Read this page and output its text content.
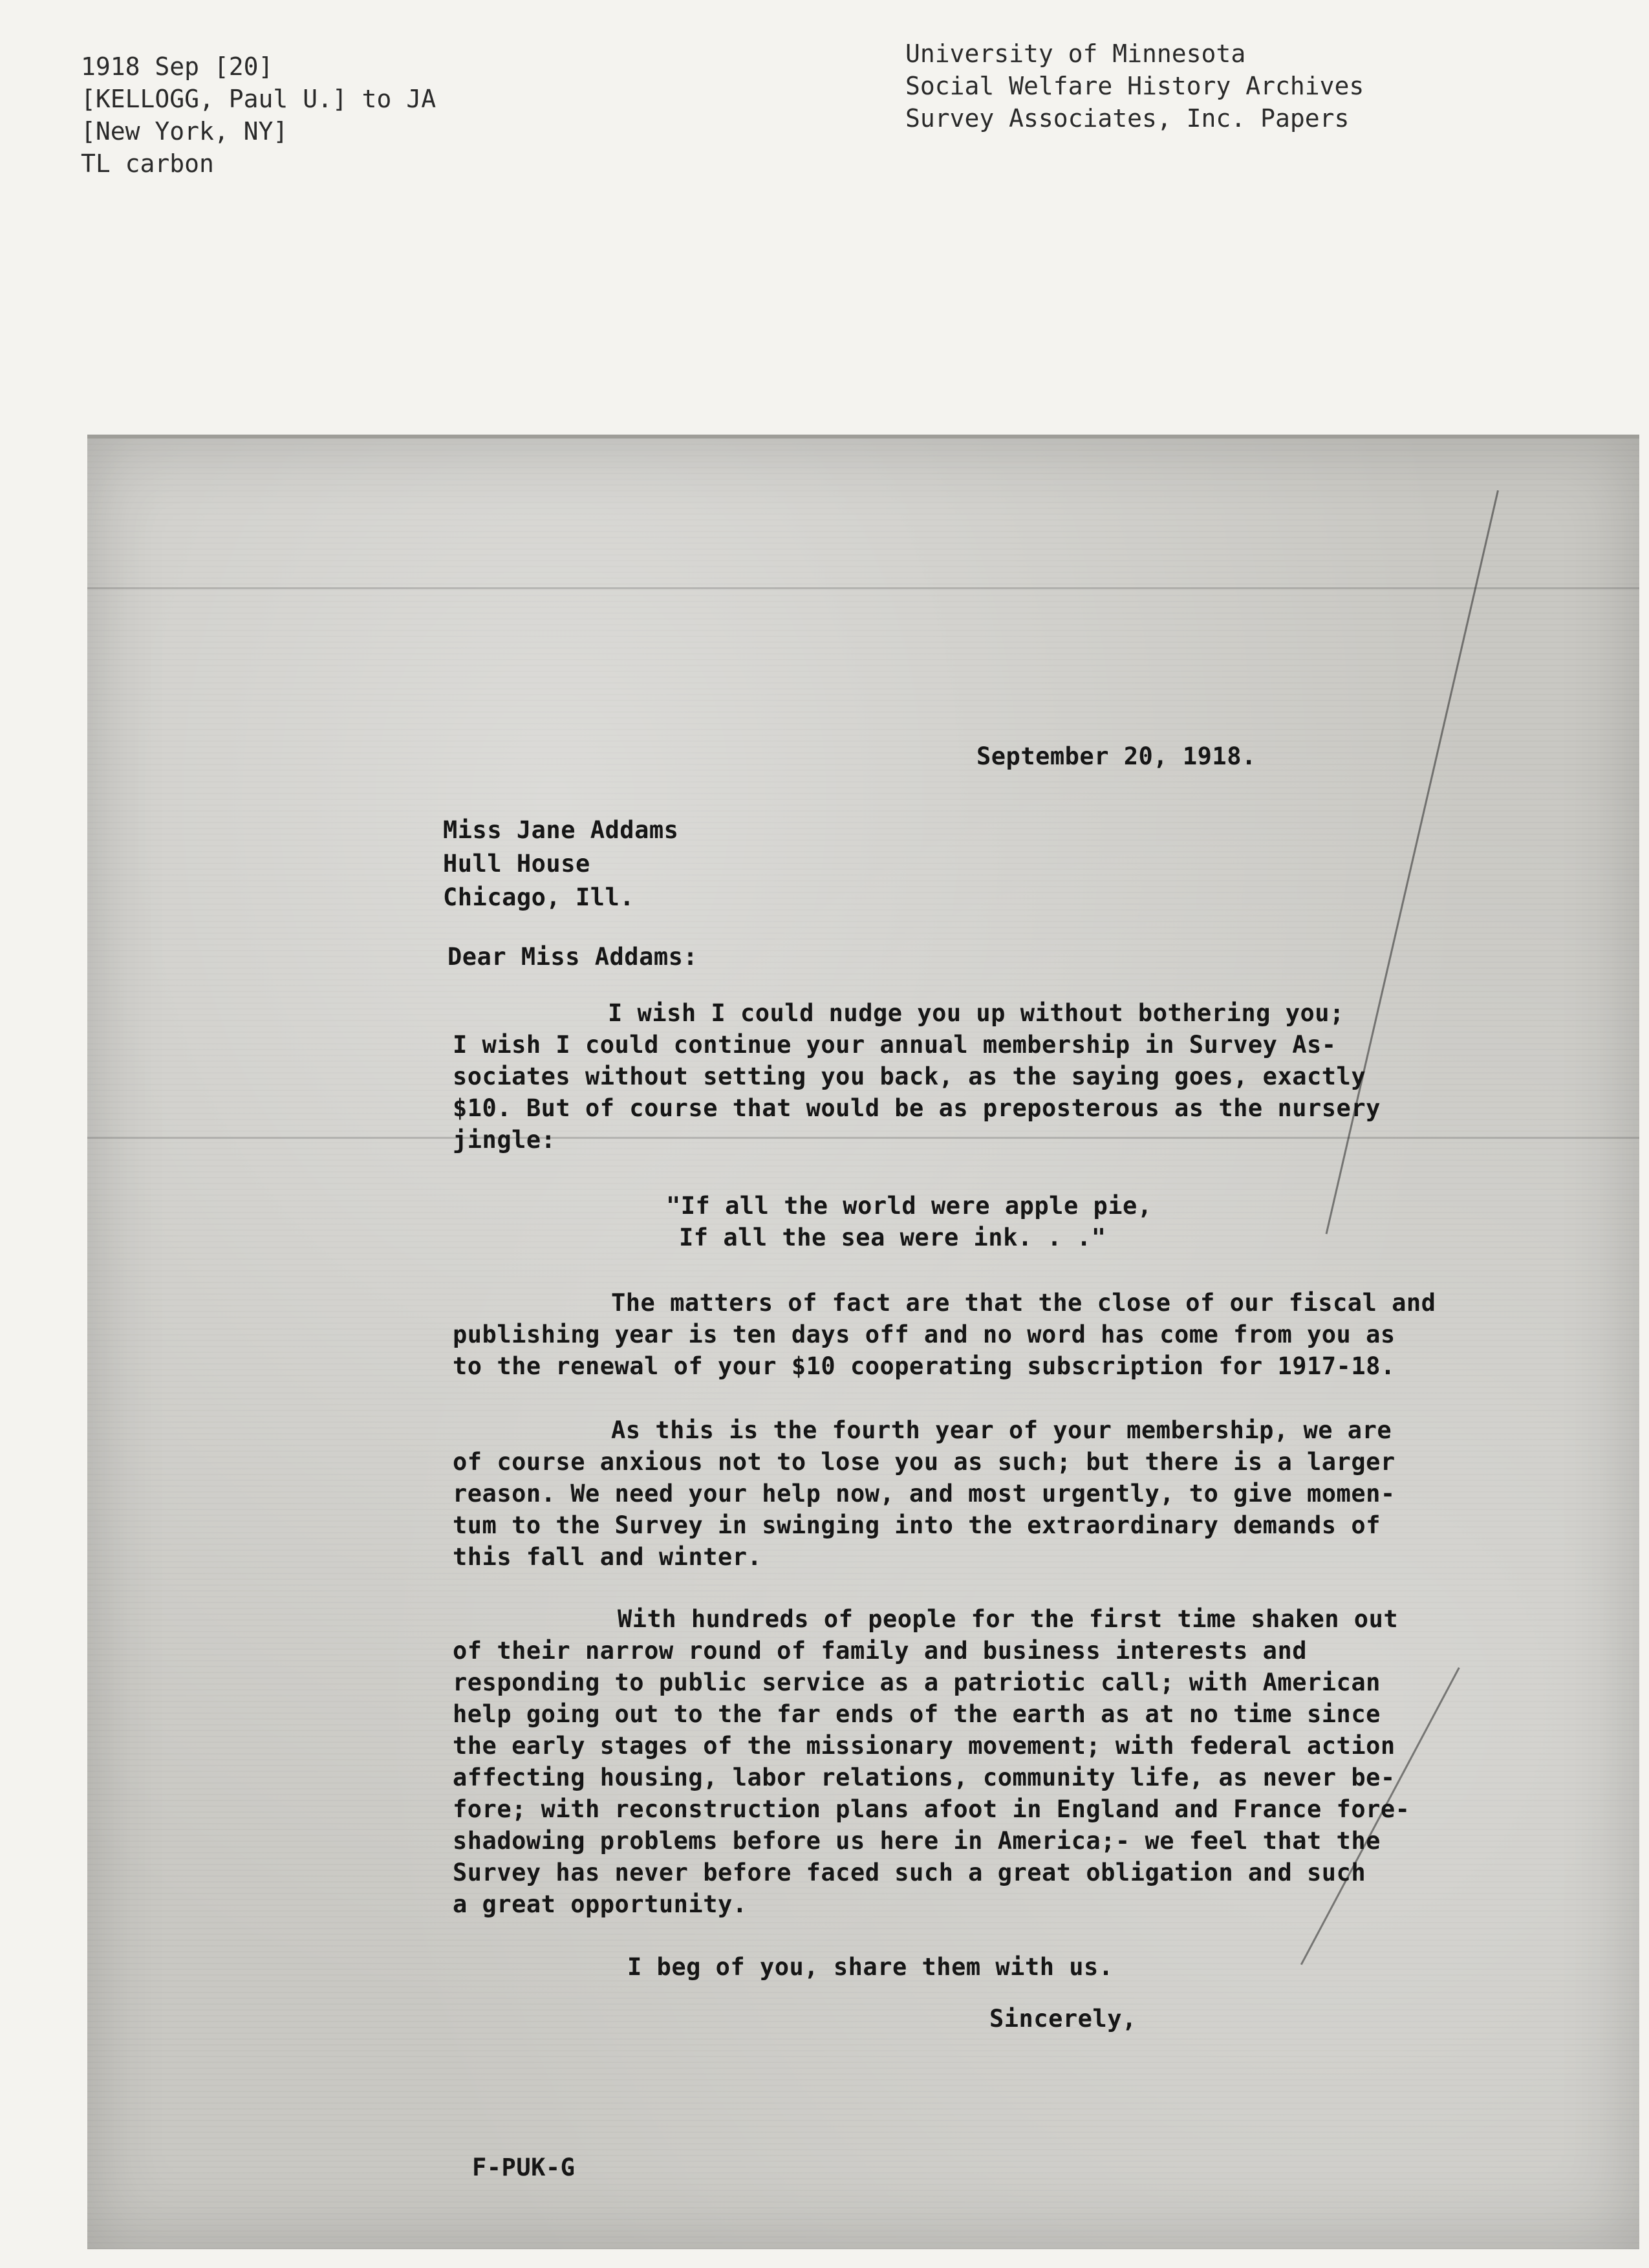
1918 Sep [20]
[KELLOGG, Paul U.] to JA
[New York, NY]
TL carbon
University of Minnesota
Social Welfare History Archives
Survey Associates, Inc. Papers
September 20, 1918.
Miss Jane Addams
Hull House
Chicago, Ill.
Dear Miss Addams:
I wish I could nudge you up without bothering you;
I wish I could continue your annual membership in Survey As-
sociates without setting you back, as the saying goes, exactly
$10. But of course that would be as preposterous as the nursery
jingle:
"If all the world were apple pie,
If all the sea were ink. . ."
The matters of fact are that the close of our fiscal and
publishing year is ten days off and no word has come from you as
to the renewal of your $10 cooperating subscription for 1917-18.
As this is the fourth year of your membership, we are
of course anxious not to lose you as such; but there is a larger
reason. We need your help now, and most urgently, to give momen-
tum to the Survey in swinging into the extraordinary demands of
this fall and winter.
With hundreds of people for the first time shaken out
of their narrow round of family and business interests and
responding to public service as a patriotic call; with American
help going out to the far ends of the earth as at no time since
the early stages of the missionary movement; with federal action
affecting housing, labor relations, community life, as never be-
fore; with reconstruction plans afoot in England and France fore-
shadowing problems before us here in America;- we feel that the
Survey has never before faced such a great obligation and such
a great opportunity.
I beg of you, share them with us.
Sincerely,
F-PUK-G
